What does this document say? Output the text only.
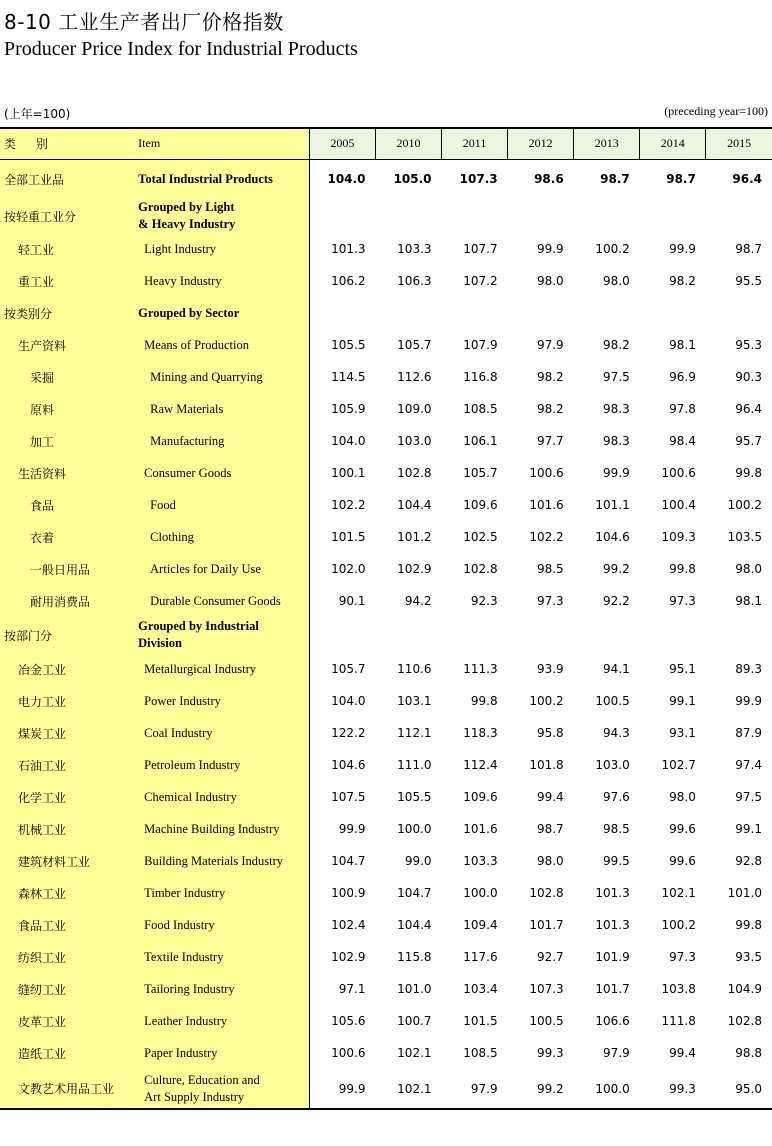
8-10 工业生产者出厂价格指数
Producer Price Index for Industrial Products
(上年=100)	(preceding year=100)
类 别	Item	2005	2010	2011	2012	2013	2014	2015
全部工业品	Total Industrial Products	104.0	105.0	107.3	98.6	98.7	98.7	96.4
按轻重工业分	Grouped by Light
& Heavy Industry							
轻工业	Light Industry	101.3	103.3	107.7	99.9	100.2	99.9	98.7
重工业	Heavy Industry	106.2	106.3	107.2	98.0	98.0	98.2	95.5
按类别分	Grouped by Sector							
生产资料	Means of Production	105.5	105.7	107.9	97.9	98.2	98.1	95.3
采掘	Mining and Quarrying	114.5	112.6	116.8	98.2	97.5	96.9	90.3
原料	Raw Materials	105.9	109.0	108.5	98.2	98.3	97.8	96.4
加工	Manufacturing	104.0	103.0	106.1	97.7	98.3	98.4	95.7
生活资料	Consumer Goods	100.1	102.8	105.7	100.6	99.9	100.6	99.8
食品	Food	102.2	104.4	109.6	101.6	101.1	100.4	100.2
衣着	Clothing	101.5	101.2	102.5	102.2	104.6	109.3	103.5
一般日用品	Articles for Daily Use	102.0	102.9	102.8	98.5	99.2	99.8	98.0
耐用消费品	Durable Consumer Goods	90.1	94.2	92.3	97.3	92.2	97.3	98.1
按部门分	Grouped by Industrial
Division							
冶金工业	Metallurgical Industry	105.7	110.6	111.3	93.9	94.1	95.1	89.3
电力工业	Power Industry	104.0	103.1	99.8	100.2	100.5	99.1	99.9
煤炭工业	Coal Industry	122.2	112.1	118.3	95.8	94.3	93.1	87.9
石油工业	Petroleum Industry	104.6	111.0	112.4	101.8	103.0	102.7	97.4
化学工业	Chemical Industry	107.5	105.5	109.6	99.4	97.6	98.0	97.5
机械工业	Machine Building Industry	99.9	100.0	101.6	98.7	98.5	99.6	99.1
建筑材料工业	Building Materials Industry	104.7	99.0	103.3	98.0	99.5	99.6	92.8
森林工业	Timber Industry	100.9	104.7	100.0	102.8	101.3	102.1	101.0
食品工业	Food Industry	102.4	104.4	109.4	101.7	101.3	100.2	99.8
纺织工业	Textile Industry	102.9	115.8	117.6	92.7	101.9	97.3	93.5
缝纫工业	Tailoring Industry	97.1	101.0	103.4	107.3	101.7	103.8	104.9
皮革工业	Leather Industry	105.6	100.7	101.5	100.5	106.6	111.8	102.8
造纸工业	Paper Industry	100.6	102.1	108.5	99.3	97.9	99.4	98.8
文教艺术用品工业	Culture, Education and
Art Supply Industry	99.9	102.1	97.9	99.2	100.0	99.3	95.0
